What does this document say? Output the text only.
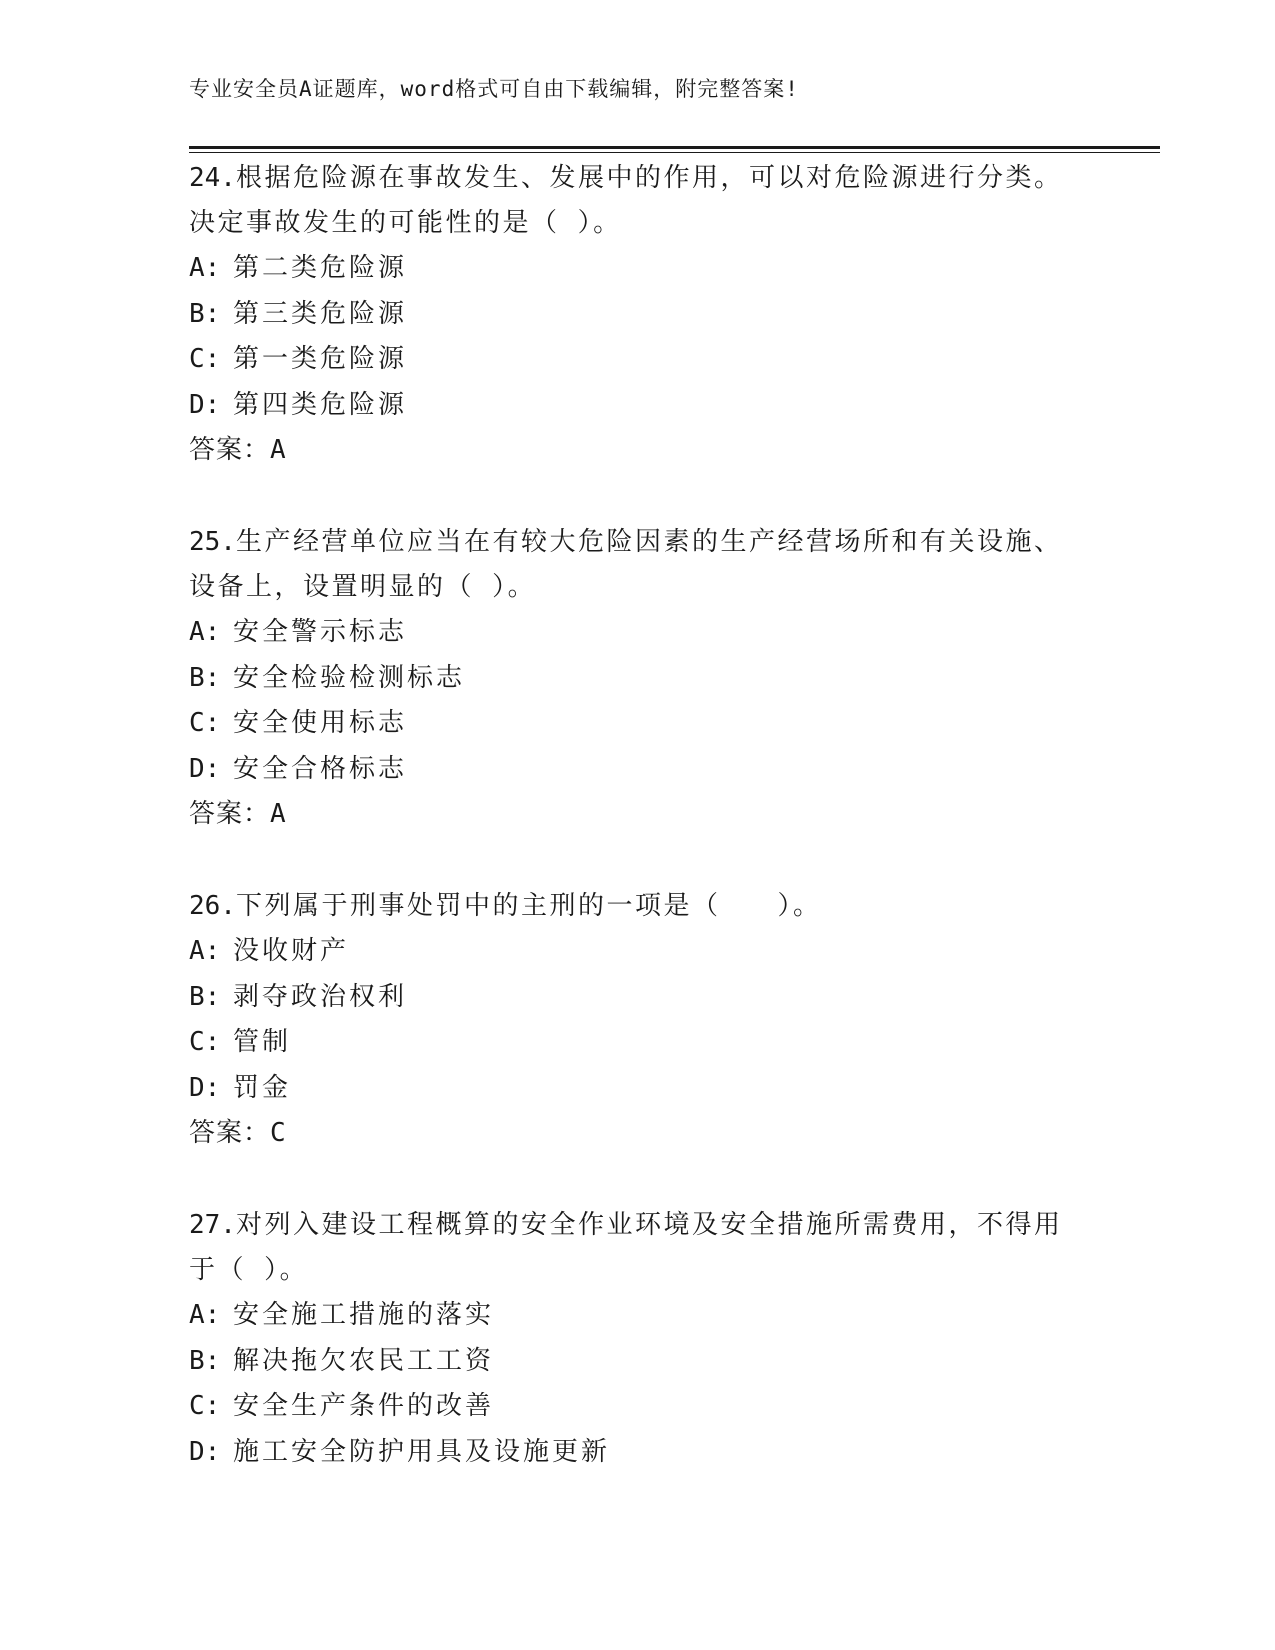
专业安全员A证题库，word格式可自由下载编辑，附完整答案!

24.根据危险源在事故发生、发展中的作用，可以对危险源进行分类。决定事故发生的可能性的是（ ）。

A: 第二类危险源

B: 第三类危险源

C: 第一类危险源

D: 第四类危险源

答案：A

25.生产经营单位应当在有较大危险因素的生产经营场所和有关设施、设备上，设置明显的（ ）。

A: 安全警示标志

B: 安全检验检测标志

C: 安全使用标志

D: 安全合格标志

答案：A

26.下列属于刑事处罚中的主刑的一项是（　　）。

A: 没收财产

B: 剥夺政治权利

C: 管制

D: 罚金

答案：C

27.对列入建设工程概算的安全作业环境及安全措施所需费用，不得用于（ ）。

A: 安全施工措施的落实

B: 解决拖欠农民工工资

C: 安全生产条件的改善

D: 施工安全防护用具及设施更新
